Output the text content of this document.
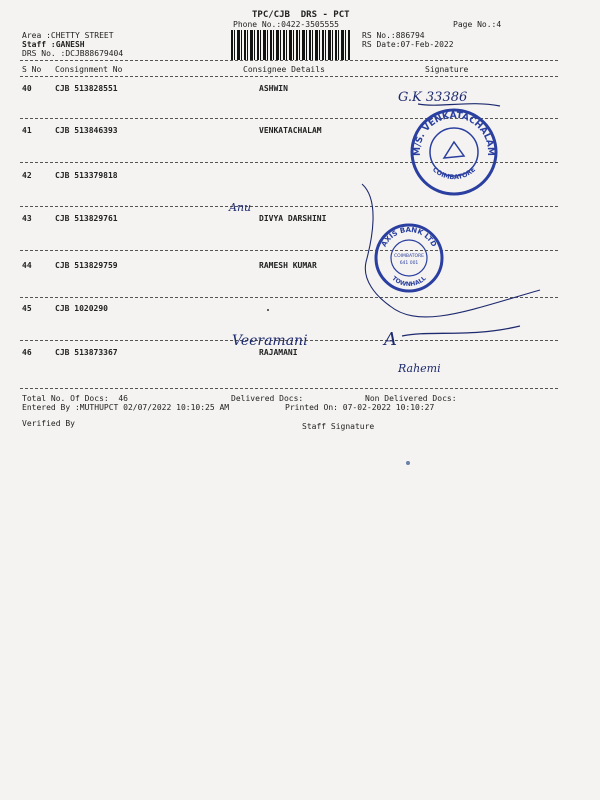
TPC/CJB  DRS - PCT
Phone No.:0422-3505555	Page No.:4
Area :CHETTY STREET
Staff :GANESH
DRS No. :DCJB88679404
RS No.:886794
RS Date:07-Feb-2022
S No Consignment No	Consignee Details	Signature
40	CJB 513828551	ASHWIN
41	CJB 513846393	VENKATACHALAM
42	CJB 513379818
43	CJB 513829761	DIVYA DARSHINI
44	CJB 513829759	RAMESH KUMAR
45	CJB 1020290
46	CJB 513873367	RAJAMANI
Total No. Of Docs:  46	Delivered Docs:	Non Delivered Docs:
Entered By :MUTHUPCT 02/07/2022 10:10:25 AM	Printed On: 07-02-2022 10:10:27
Verified By	Staff Signature
M/S. VENKATACHALAM
COIMBATORE
AXIS BANK LTD
TOWNHALL
COIMBATORE
641 001
G.K 33386
Anu
Veeramani
Rahemi
A
